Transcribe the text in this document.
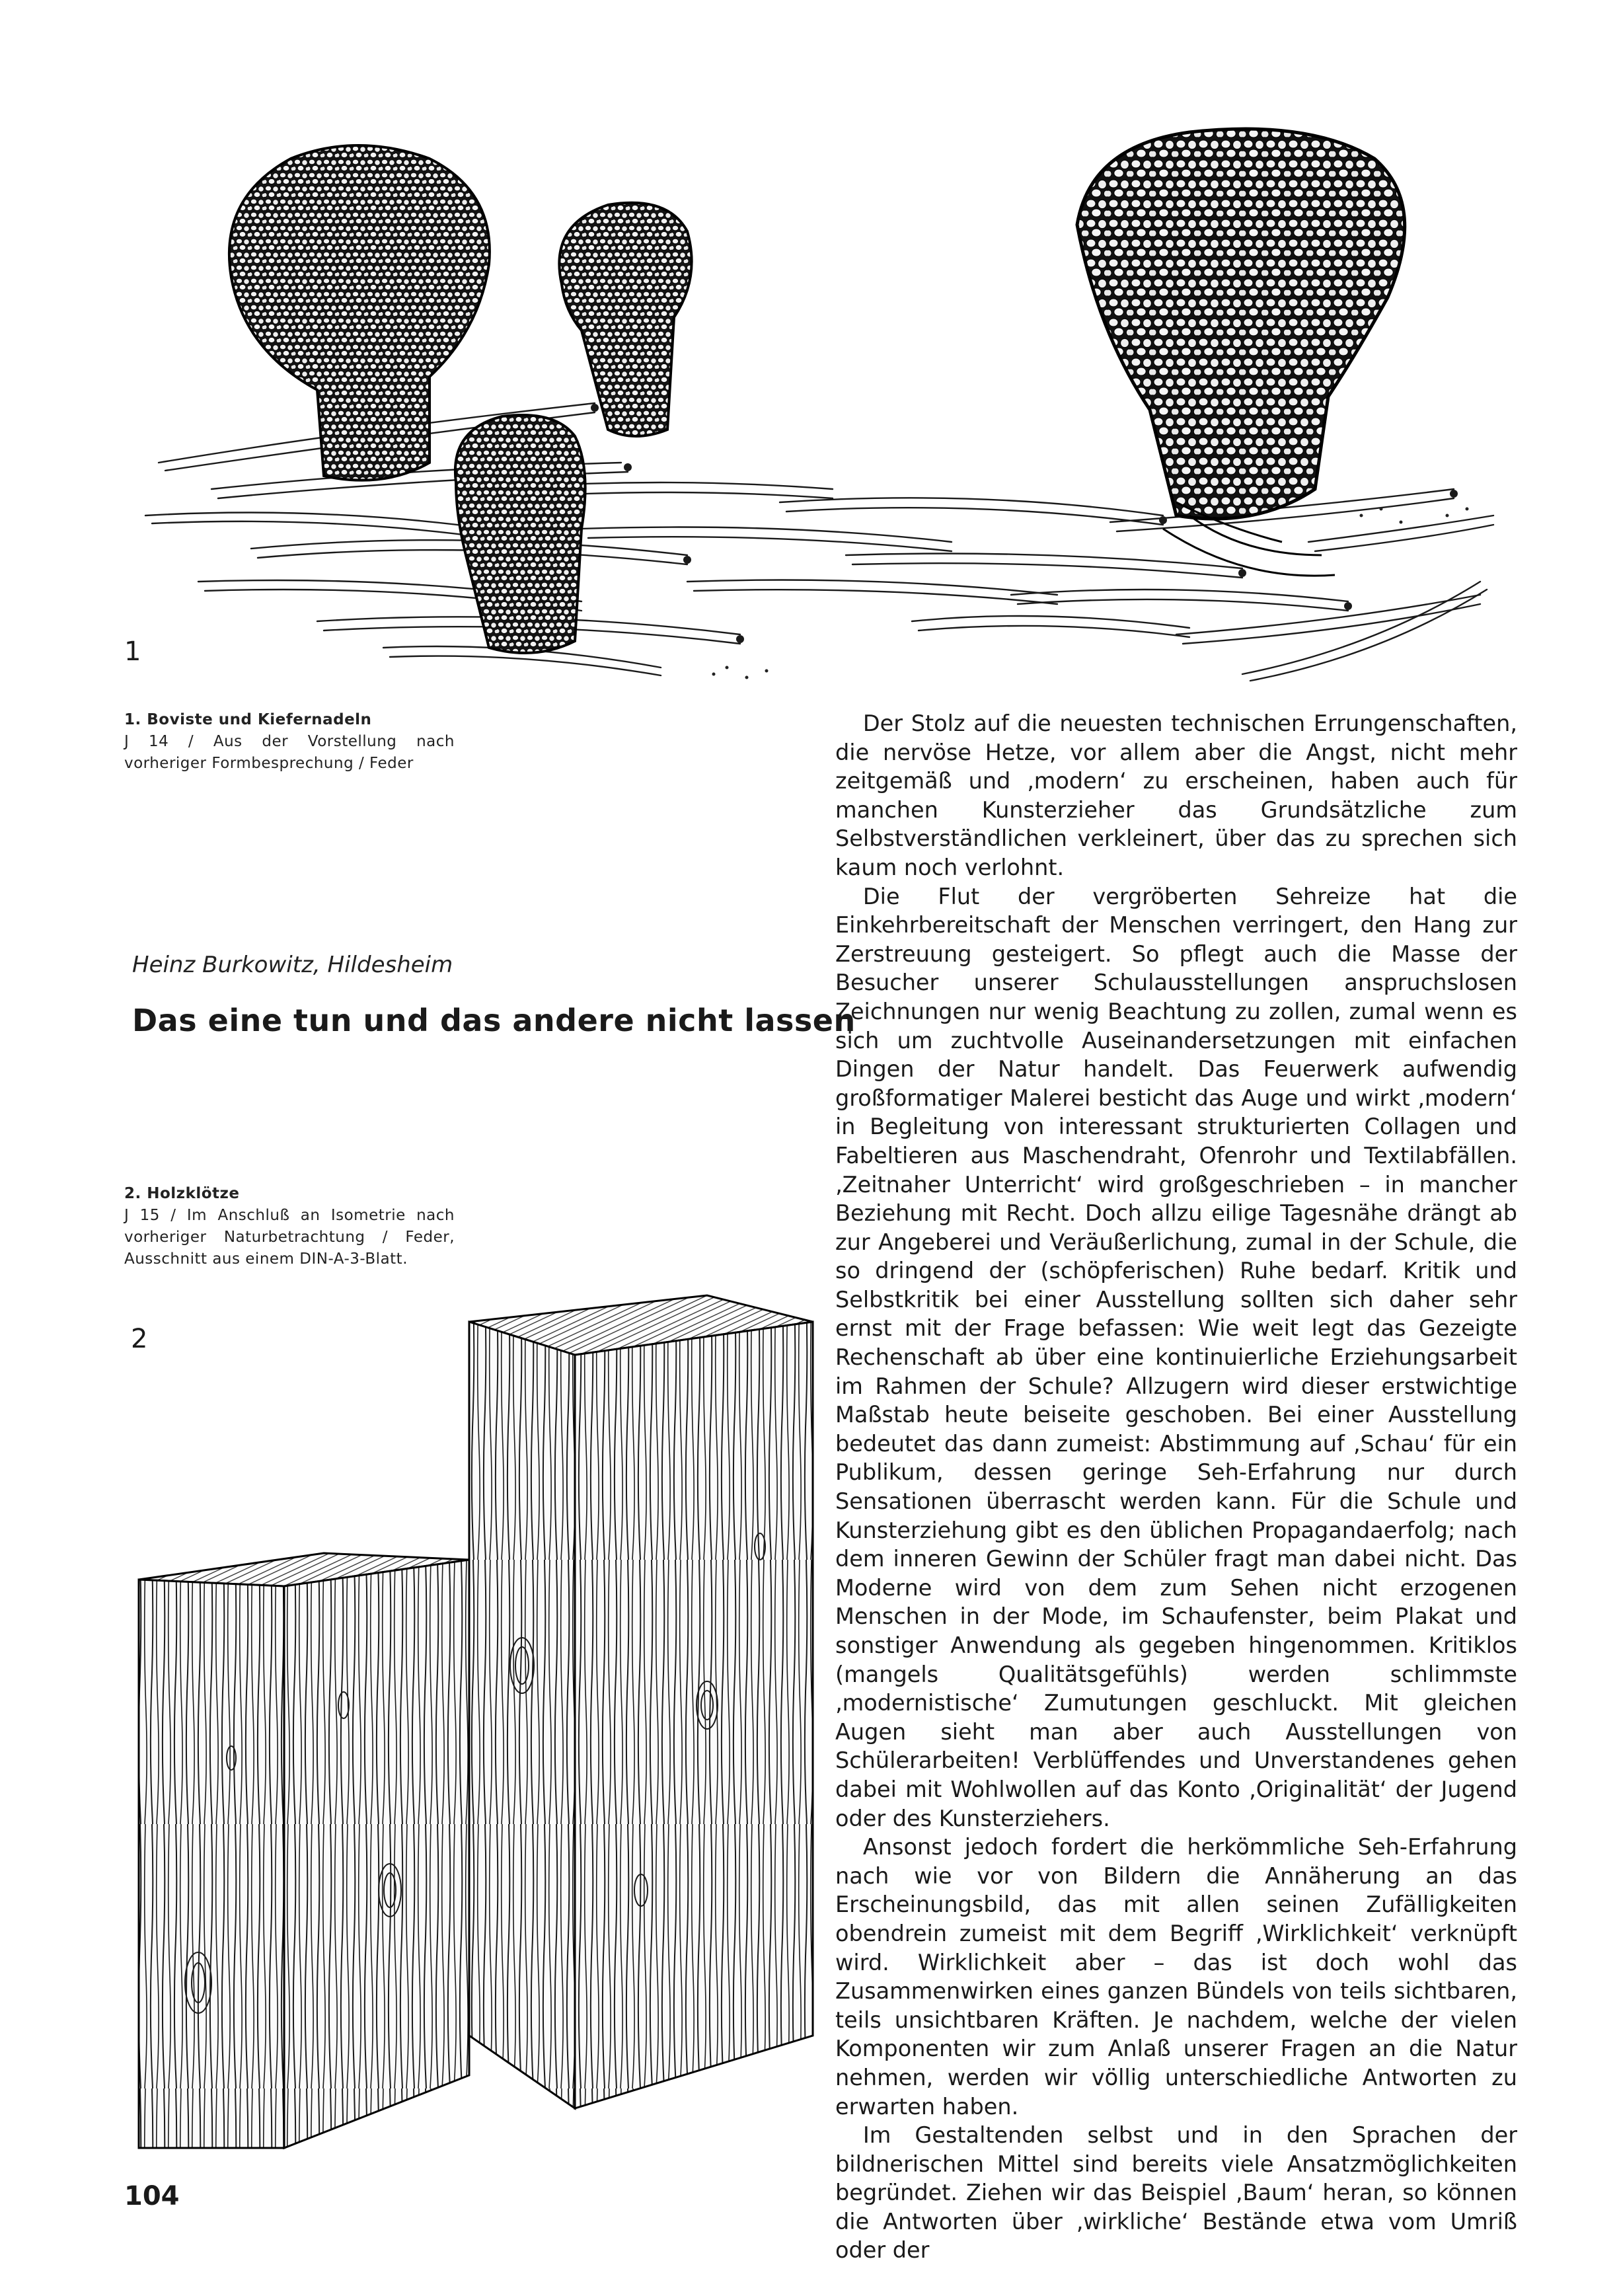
1
1. Boviste und Kiefernadeln
J 14 / Aus der Vorstellung nach vorheriger Formbesprechung / Feder
Heinz Burkowitz, Hildesheim
Das eine tun und das andere nicht lassen
2. Holzklötze
J 15 / Im Anschluß an Isometrie nach vorheriger Naturbetrachtung / Feder, Ausschnitt aus einem DIN-A-3-Blatt.
2

Der Stolz auf die neuesten technischen Errungenschaften, die nervöse Hetze, vor allem aber die Angst, nicht mehr zeitgemäß und ‚modern‘ zu erscheinen, haben auch für manchen Kunsterzieher das Grundsätzliche zum Selbstverständlichen verkleinert, über das zu sprechen sich kaum noch verlohnt.

Die Flut der vergröberten Sehreize hat die Einkehrbereitschaft der Menschen verringert, den Hang zur Zerstreuung gesteigert. So pflegt auch die Masse der Besucher unserer Schulausstellungen anspruchslosen Zeichnungen nur wenig Beachtung zu zollen, zumal wenn es sich um zuchtvolle Auseinandersetzungen mit einfachen Dingen der Natur handelt. Das Feuerwerk aufwendig großformatiger Malerei besticht das Auge und wirkt ‚modern‘ in Begleitung von interessant strukturierten Collagen und Fabeltieren aus Maschendraht, Ofenrohr und Textilabfällen. ‚Zeitnaher Unterricht‘ wird großgeschrieben – in mancher Beziehung mit Recht. Doch allzu eilige Tagesnähe drängt ab zur Angeberei und Veräußerlichung, zumal in der Schule, die so dringend der (schöpferischen) Ruhe bedarf. Kritik und Selbstkritik bei einer Ausstellung sollten sich daher sehr ernst mit der Frage befassen: Wie weit legt das Gezeigte Rechenschaft ab über eine kontinuierliche Erziehungsarbeit im Rahmen der Schule? Allzugern wird dieser erstwichtige Maßstab heute beiseite geschoben. Bei einer Ausstellung bedeutet das dann zumeist: Abstimmung auf ‚Schau‘ für ein Publikum, dessen geringe Seh-Erfahrung nur durch Sensationen überrascht werden kann. Für die Schule und Kunsterziehung gibt es den üblichen Propagandaerfolg; nach dem inneren Gewinn der Schüler fragt man dabei nicht. Das Moderne wird von dem zum Sehen nicht erzogenen Menschen in der Mode, im Schaufenster, beim Plakat und sonstiger Anwendung als gegeben hingenommen. Kritiklos (mangels Qualitätsgefühls) werden schlimmste ‚modernistische‘ Zumutungen geschluckt. Mit gleichen Augen sieht man aber auch Ausstellungen von Schülerarbeiten! Verblüffendes und Unverstandenes gehen dabei mit Wohlwollen auf das Konto ‚Originalität‘ der Jugend oder des Kunsterziehers.

Ansonst jedoch fordert die herkömmliche Seh-Erfahrung nach wie vor von Bildern die Annäherung an das Erscheinungsbild, das mit allen seinen Zufälligkeiten obendrein zumeist mit dem Begriff ‚Wirklichkeit‘ verknüpft wird. Wirklichkeit aber – das ist doch wohl das Zusammenwirken eines ganzen Bündels von teils sichtbaren, teils unsichtbaren Kräften. Je nachdem, welche der vielen Komponenten wir zum Anlaß unserer Fragen an die Natur nehmen, werden wir völlig unterschiedliche Antworten zu erwarten haben.

Im Gestaltenden selbst und in den Sprachen der bildnerischen Mittel sind bereits viele Ansatzmöglichkeiten begründet. Ziehen wir das Beispiel ‚Baum‘ heran, so können die Antworten über ‚wirkliche‘ Bestände etwa vom Umriß oder der

104
